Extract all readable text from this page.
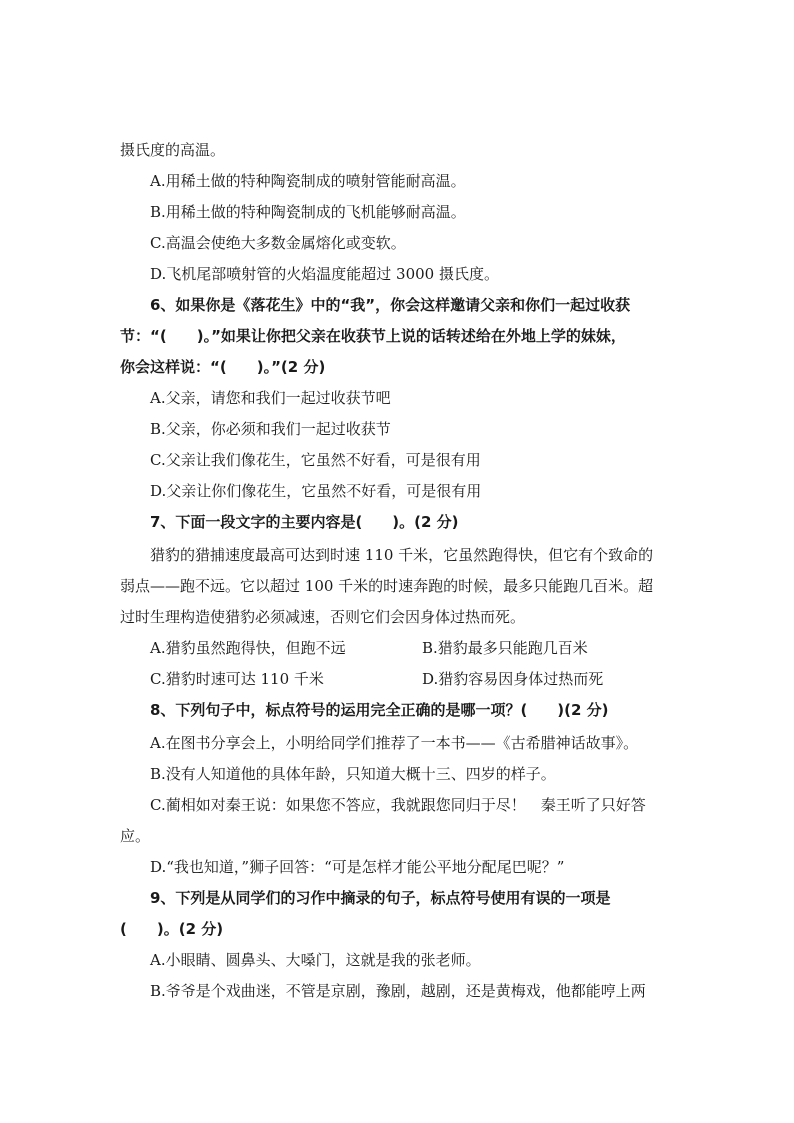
摄氏度的高温。
A.用稀土做的特种陶瓷制成的喷射管能耐高温。
B.用稀土做的特种陶瓷制成的飞机能够耐高温。
C.高温会使绝大多数金属熔化或变软。
D.飞机尾部喷射管的火焰温度能超过 3000 摄氏度。
6、如果你是《落花生》中的“我”，你会这样邀请父亲和你们一起过收获
节：“(　　)。”如果让你把父亲在收获节上说的话转述给在外地上学的妹妹，
你会这样说：“(　　)。”(2 分)
A.父亲，请您和我们一起过收获节吧
B.父亲，你必须和我们一起过收获节
C.父亲让我们像花生，它虽然不好看，可是很有用
D.父亲让你们像花生，它虽然不好看，可是很有用
7、下面一段文字的主要内容是(　　)。(2 分)
猎豹的猎捕速度最高可达到时速 110 千米，它虽然跑得快，但它有个致命的
弱点——跑不远。它以超过 100 千米的时速奔跑的时候，最多只能跑几百米。超
过时生理构造使猎豹必须减速，否则它们会因身体过热而死。
A.猎豹虽然跑得快，但跑不远	B.猎豹最多只能跑几百米
C.猎豹时速可达 110 千米	D.猎豹容易因身体过热而死
8、下列句子中，标点符号的运用完全正确的是哪一项？(　　)(2 分)
A.在图书分享会上，小明给同学们推荐了一本书——《古希腊神话故事》。
B.没有人知道他的具体年龄，只知道大概十三、四岁的样子。
C.蔺相如对秦王说：如果您不答应，我就跟您同归于尽！　秦王听了只好答
应。
D.“我也知道，”狮子回答：“可是怎样才能公平地分配尾巴呢？”
9、下列是从同学们的习作中摘录的句子，标点符号使用有误的一项是
(　　)。(2 分)
A.小眼睛、圆鼻头、大嗓门，这就是我的张老师。
B.爷爷是个戏曲迷，不管是京剧，豫剧，越剧，还是黄梅戏，他都能哼上两
